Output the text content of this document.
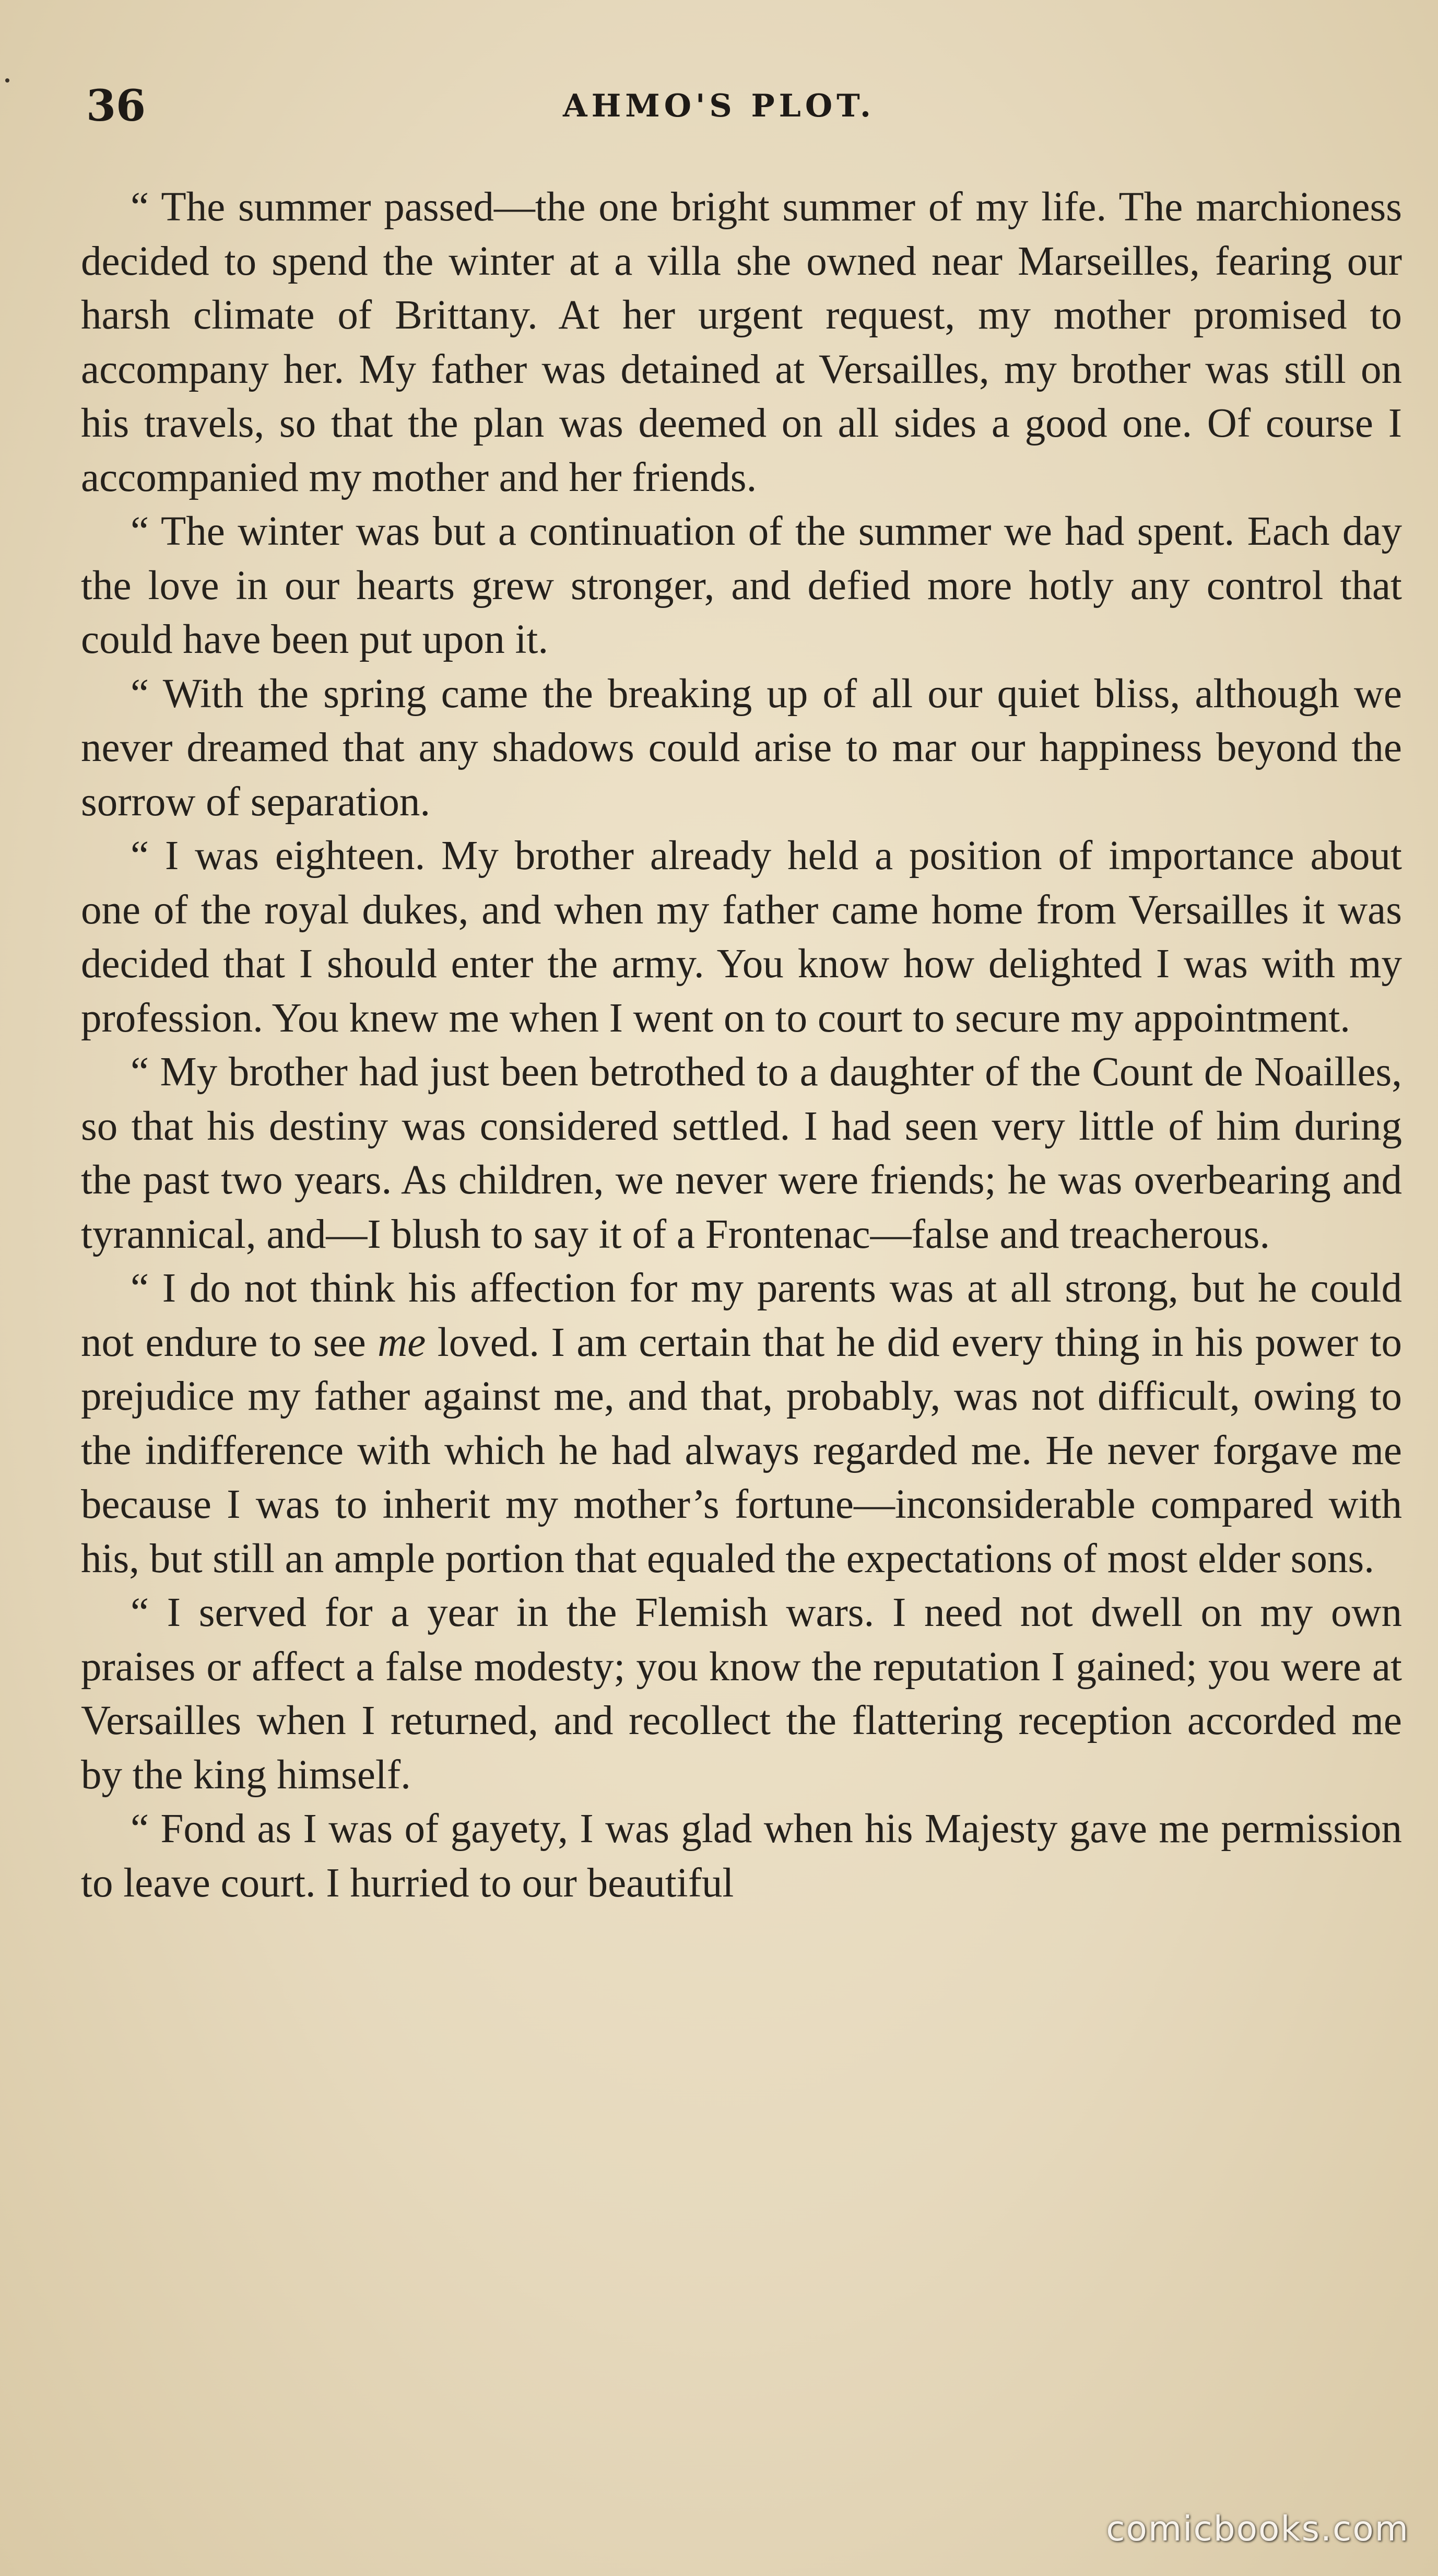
36	AHMO'S PLOT.

“ The summer passed—the one bright summer of my life. The marchioness decided to spend the winter at a villa she owned near Marseilles, fearing our harsh climate of Brittany. At her urgent request, my mother promised to accompany her. My father was detained at Versailles, my brother was still on his travels, so that the plan was deemed on all sides a good one. Of course I accompanied my mother and her friends.

“ The winter was but a continuation of the summer we had spent. Each day the love in our hearts grew stronger, and defied more hotly any control that could have been put upon it.

“ With the spring came the breaking up of all our quiet bliss, although we never dreamed that any shadows could arise to mar our happiness beyond the sorrow of separation.

“ I was eighteen. My brother already held a position of importance about one of the royal dukes, and when my father came home from Versailles it was decided that I should enter the army. You know how delighted I was with my profession. You knew me when I went on to court to secure my appointment.

“ My brother had just been betrothed to a daughter of the Count de Noailles, so that his destiny was considered settled. I had seen very little of him during the past two years. As children, we never were friends; he was overbearing and tyrannical, and—I blush to say it of a Frontenac—false and treacherous.

“ I do not think his affection for my parents was at all strong, but he could not endure to see me loved. I am certain that he did every thing in his power to prejudice my father against me, and that, probably, was not difficult, owing to the indifference with which he had always regarded me. He never forgave me because I was to inherit my mother’s fortune—inconsiderable compared with his, but still an ample portion that equaled the expectations of most elder sons.

“ I served for a year in the Flemish wars. I need not dwell on my own praises or affect a false modesty; you know the reputation I gained; you were at Versailles when I returned, and recollect the flattering reception accorded me by the king himself.

“ Fond as I was of gayety, I was glad when his Majesty gave me permission to leave court. I hurried to our beautiful

comicbooks.com
